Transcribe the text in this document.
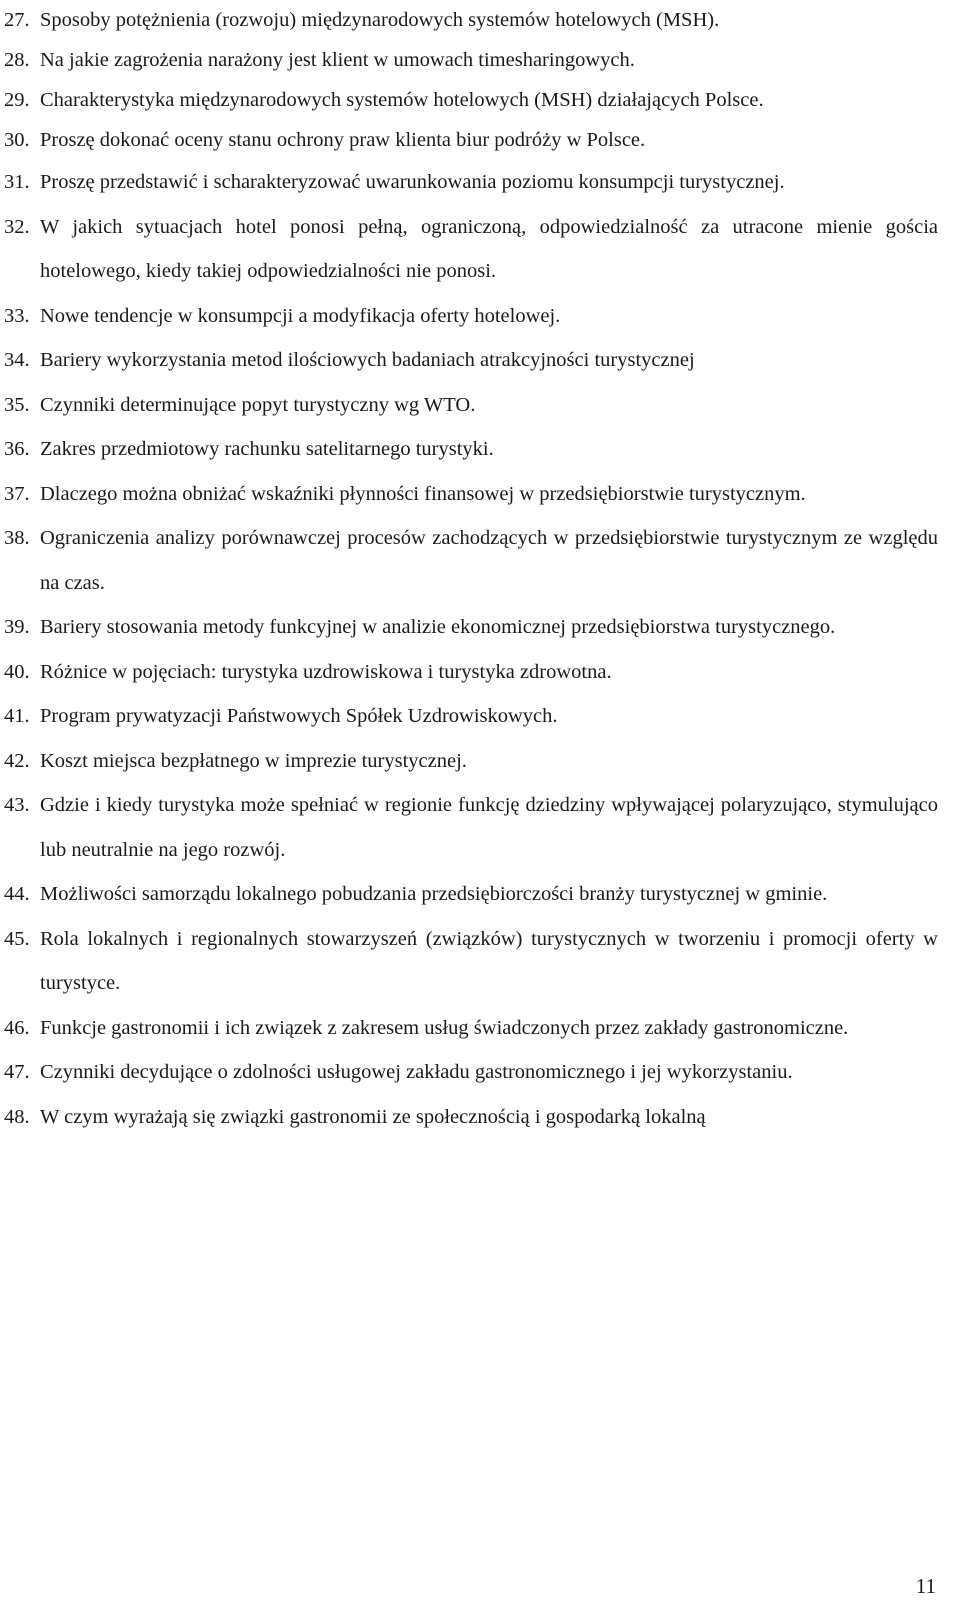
27. Sposoby potężnienia (rozwoju) międzynarodowych systemów hotelowych (MSH).
28. Na jakie zagrożenia narażony jest klient w umowach timesharingowych.
29. Charakterystyka międzynarodowych systemów hotelowych (MSH) działających Polsce.
30. Proszę dokonać oceny stanu ochrony praw klienta biur podróży w Polsce.
31. Proszę przedstawić i scharakteryzować uwarunkowania poziomu konsumpcji turystycznej.
32. W jakich sytuacjach hotel ponosi pełną, ograniczoną, odpowiedzialność za utracone mienie gościa hotelowego, kiedy takiej odpowiedzialności nie ponosi.
33. Nowe tendencje w konsumpcji a modyfikacja oferty hotelowej.
34. Bariery wykorzystania metod ilościowych badaniach atrakcyjności turystycznej
35. Czynniki determinujące popyt turystyczny wg WTO.
36. Zakres przedmiotowy rachunku satelitarnego turystyki.
37. Dlaczego można obniżać wskaźniki płynności finansowej w przedsiębiorstwie turystycznym.
38. Ograniczenia analizy porównawczej procesów zachodzących w przedsiębiorstwie turystycznym ze względu na czas.
39. Bariery stosowania metody funkcyjnej w analizie ekonomicznej przedsiębiorstwa turystycznego.
40. Różnice w pojęciach: turystyka uzdrowiskowa i turystyka zdrowotna.
41. Program prywatyzacji Państwowych Spółek Uzdrowiskowych.
42. Koszt miejsca bezpłatnego w imprezie turystycznej.
43. Gdzie i kiedy turystyka może spełniać w regionie funkcję dziedziny wpływającej polaryzująco, stymulująco lub neutralnie na jego rozwój.
44. Możliwości samorządu lokalnego pobudzania przedsiębiorczości branży turystycznej w gminie.
45. Rola lokalnych i regionalnych stowarzyszeń (związków) turystycznych w tworzeniu i promocji oferty w turystyce.
46. Funkcje gastronomii i ich związek z zakresem usług świadczonych przez zakłady gastronomiczne.
47. Czynniki decydujące o zdolności usługowej zakładu gastronomicznego i jej wykorzystaniu.
48. W czym wyrażają się związki gastronomii ze społecznością i gospodarką lokalną
11
